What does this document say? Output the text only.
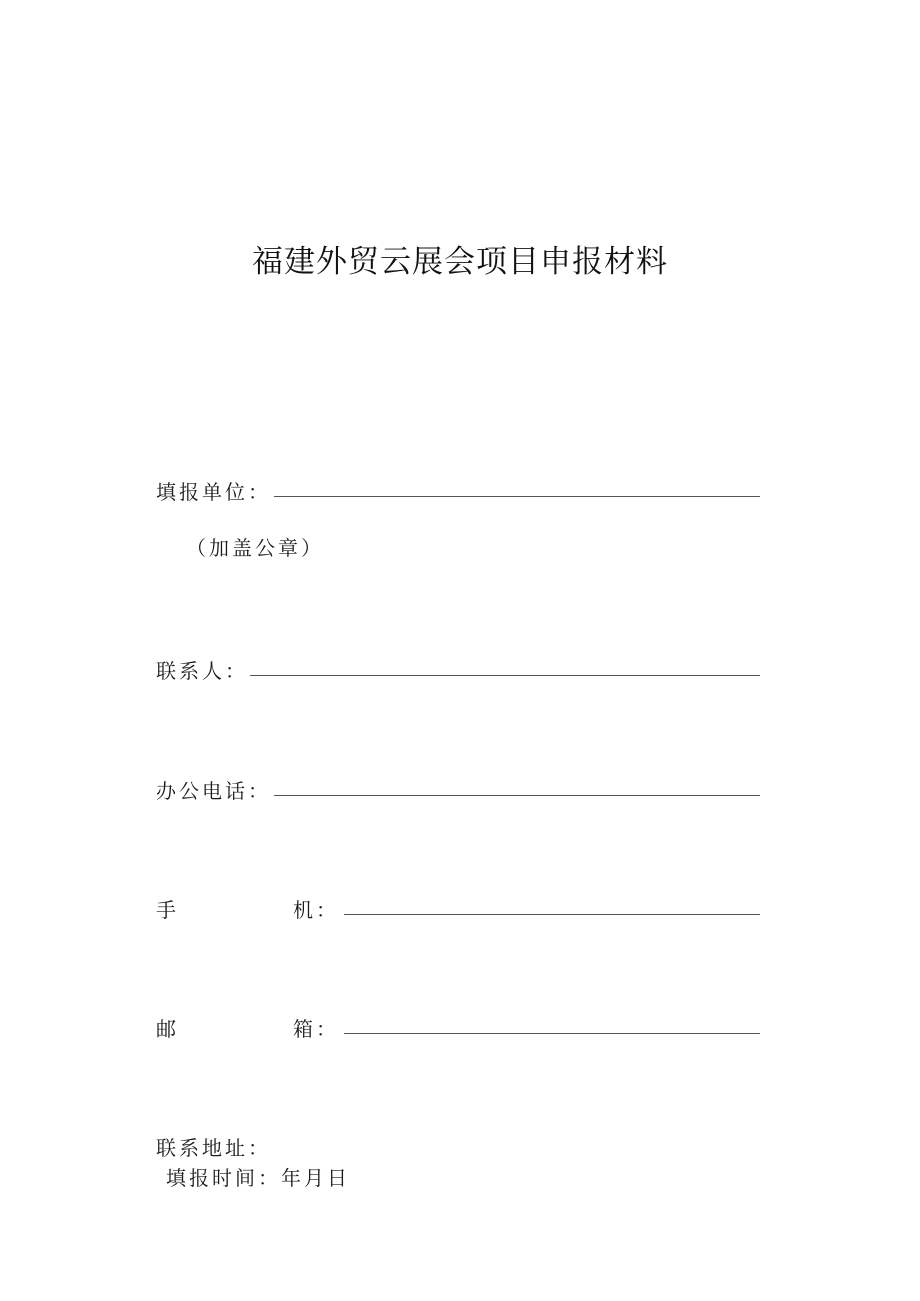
福建外贸云展会项目申报材料
填报单位：
（加盖公章）
联系人：
办公电话：
手	机：
邮	箱：
联系地址：
填报时间：年月日
